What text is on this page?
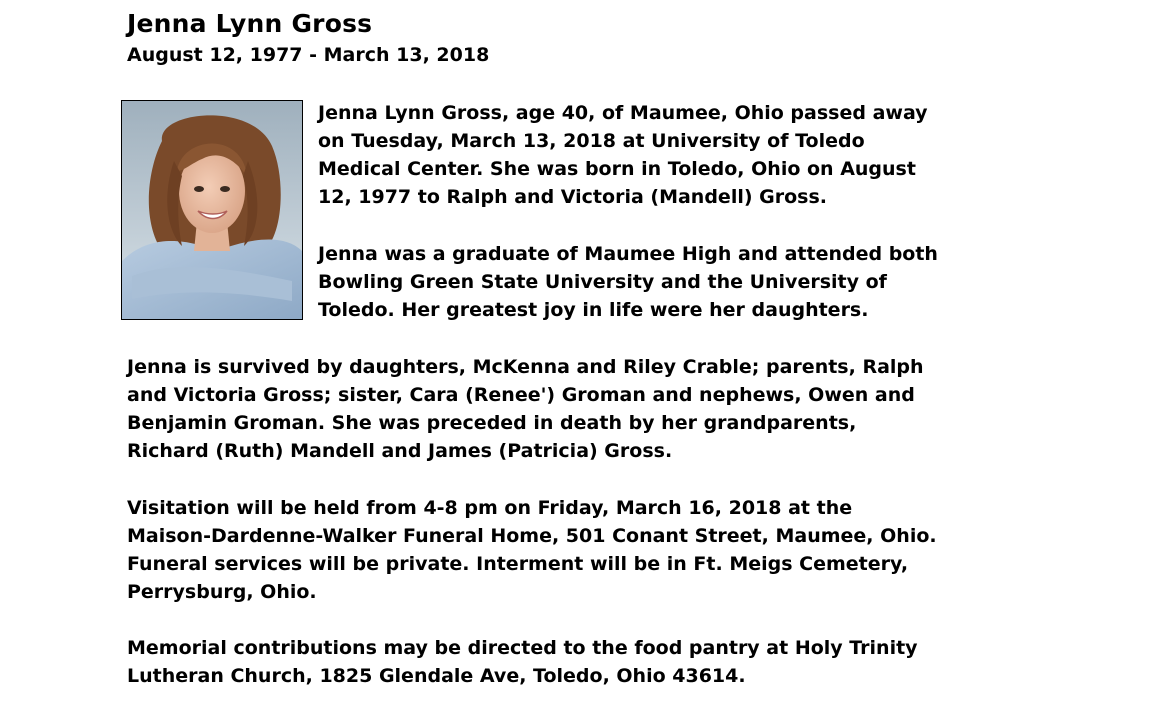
Jenna Lynn Gross
August 12, 1977 - March 13, 2018
Jenna Lynn Gross, age 40, of Maumee, Ohio passed away
on Tuesday, March 13, 2018 at University of Toledo
Medical Center. She was born in Toledo, Ohio on August
12, 1977 to Ralph and Victoria (Mandell) Gross.
Jenna was a graduate of Maumee High and attended both
Bowling Green State University and the University of
Toledo. Her greatest joy in life were her daughters.
Jenna is survived by daughters, McKenna and Riley Crable; parents, Ralph
and Victoria Gross; sister, Cara (Renee') Groman and nephews, Owen and
Benjamin Groman. She was preceded in death by her grandparents,
Richard (Ruth) Mandell and James (Patricia) Gross.
Visitation will be held from 4-8 pm on Friday, March 16, 2018 at the
Maison-Dardenne-Walker Funeral Home, 501 Conant Street, Maumee, Ohio.
Funeral services will be private. Interment will be in Ft. Meigs Cemetery,
Perrysburg, Ohio.
Memorial contributions may be directed to the food pantry at Holy Trinity
Lutheran Church, 1825 Glendale Ave, Toledo, Ohio 43614.
